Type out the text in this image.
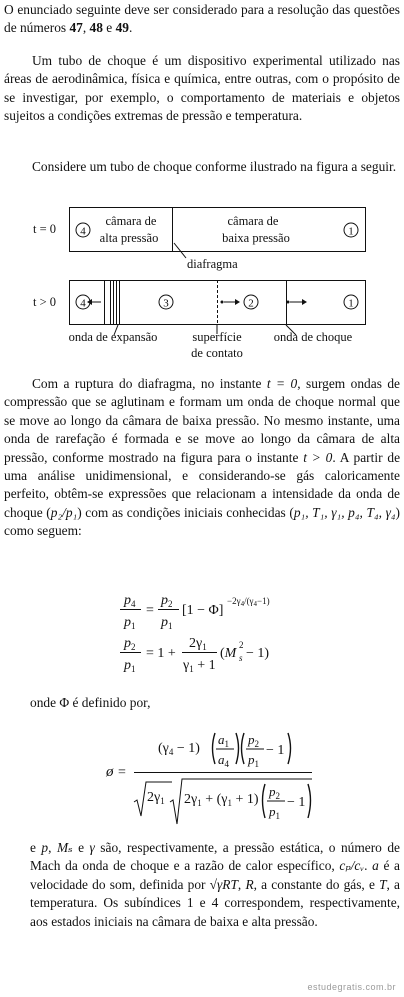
O enunciado seguinte deve ser considerado para a resolução das questões de números 47, 48 e 49.

Um tubo de choque é um dispositivo experimental utilizado nas áreas de aerodinâmica, física e química, entre outras, com o propósito de se investigar, por exemplo, o comportamento de materiais e objetos sujeitos a condições extremas de pressão e temperatura.

Considere um tubo de choque conforme ilustrado na figura a seguir.

t = 0
t > 0
4	1
4	3	2	1
câmara de
alta pressão
câmara de
baixa pressão
diafragma
onda de expansão	superfície
de contato
onda de choque

Com a ruptura do diafragma, no instante t = 0, surgem ondas de compressão que se aglutinam e formam um onda de choque normal que se move ao longo da câmara de baixa pressão. No mesmo instante, uma onda de rarefação é formada e se move ao longo da câmara de alta pressão, conforme mostrado na figura para o instante t > 0. A partir de uma análise unidimensional, e considerando-se gás caloricamente perfeito, obtêm-se expressões que relacionam a intensidade da onda de choque (p₂/p₁) com as condições iniciais conhecidas (p₁, T₁, γ₁, p₄, T₄, γ₄) como seguem:

$p_4$
$p_1$
=
$p_2$
$p_1$
[1 − Φ]
$-2\gamma_4/(\gamma_4-1)$
$p_2$
$p_1$
= 1 +
$2\gamma_1$
$\gamma_1 + 1$
(M
2
s − 1)

onde Φ é definido por,

ø =
$(\gamma_4 - 1)$
$a_1$
$a_4$
$p_2$
$p_1$
− 1
$2\gamma_1$ $2\gamma_1 + (\gamma_1 + 1)$
$p_2$
$p_1$
− 1

e p, Mₛ e γ são, respectivamente, a pressão estática, o número de Mach da onda de choque e a razão de calor específico, cₚ/cᵥ. a é a velocidade do som, definida por √γRT, R, a constante do gás, e T, a temperatura. Os subíndices 1 e 4 correspondem, respectivamente, aos estados iniciais na câmara de baixa e alta pressão.

estudegratis.com.br
